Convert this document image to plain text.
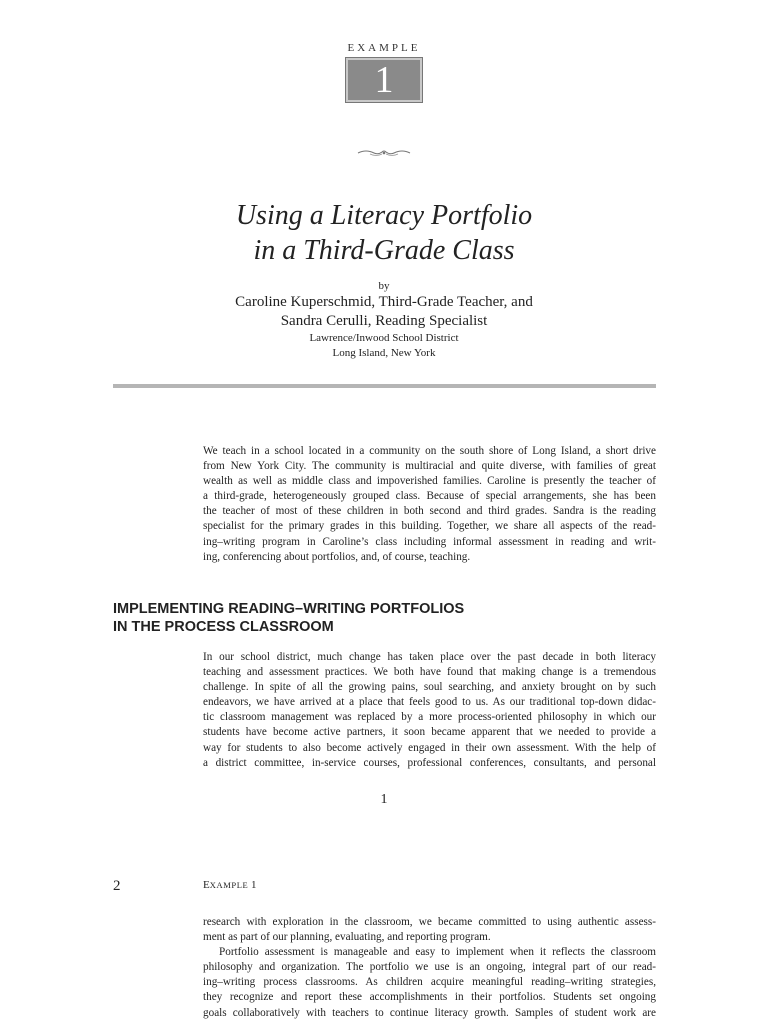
EXAMPLE
1
Using a Literacy Portfolio
in a Third-Grade Class
by
Caroline Kuperschmid, Third-Grade Teacher, and
Sandra Cerulli, Reading Specialist
Lawrence/Inwood School District
Long Island, New York
We teach in a school located in a community on the south shore of Long Island, a short drive
from New York City. The community is multiracial and quite diverse, with families of great
wealth as well as middle class and impoverished families. Caroline is presently the teacher of
a third-grade, heterogeneously grouped class. Because of special arrangements, she has been
the teacher of most of these children in both second and third grades. Sandra is the reading
specialist for the primary grades in this building. Together, we share all aspects of the read-
ing–writing program in Caroline’s class including informal assessment in reading and writ-
ing, conferencing about portfolios, and, of course, teaching.
IMPLEMENTING READING–WRITING PORTFOLIOS
IN THE PROCESS CLASSROOM
In our school district, much change has taken place over the past decade in both literacy
teaching and assessment practices. We both have found that making change is a tremendous
challenge. In spite of all the growing pains, soul searching, and anxiety brought on by such
endeavors, we have arrived at a place that feels good to us. As our traditional top-down didac-
tic classroom management was replaced by a more process-oriented philosophy in which our
students have become active partners, it soon became apparent that we needed to provide a
way for students to also become actively engaged in their own assessment. With the help of
a district committee, in-service courses, professional conferences, consultants, and personal
1
2	EXAMPLE 1
research with exploration in the classroom, we became committed to using authentic assess-
ment as part of our planning, evaluating, and reporting program.
Portfolio assessment is manageable and easy to implement when it reflects the classroom
philosophy and organization. The portfolio we use is an ongoing, integral part of our read-
ing–writing process classrooms. As children acquire meaningful reading–writing strategies,
they recognize and report these accomplishments in their portfolios. Students set ongoing
goals collaboratively with teachers to continue literacy growth. Samples of student work are
